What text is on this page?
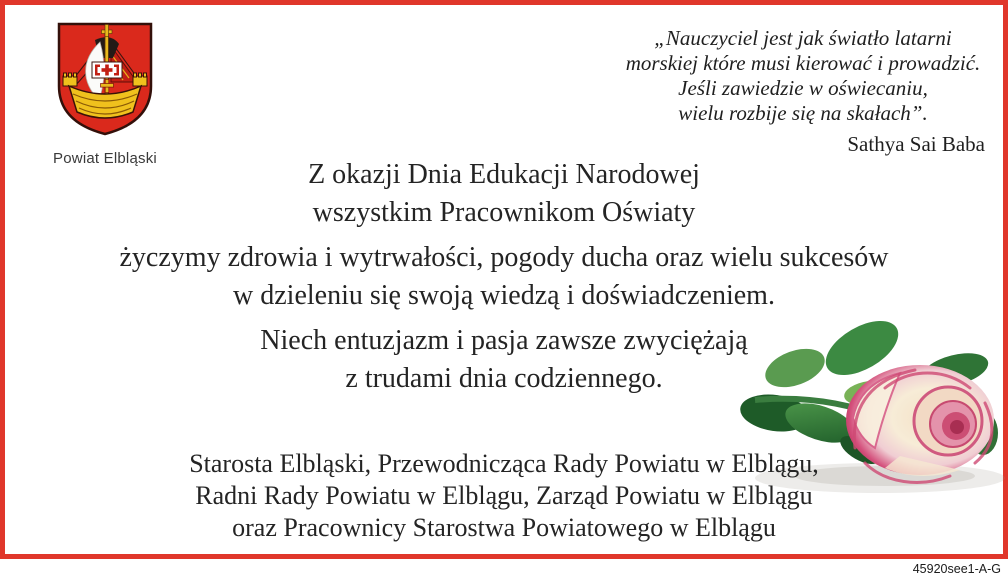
Powiat Elbląski
„Nauczyciel jest jak światło latarni
morskiej które musi kierować i prowadzić.
Jeśli zawiedzie w oświecaniu,
wielu rozbije się na skałach”.
Sathya Sai Baba
Z okazji Dnia Edukacji Narodowej
wszystkim Pracownikom Oświaty
życzymy zdrowia i wytrwałości, pogody ducha oraz wielu sukcesów
w dzieleniu się swoją wiedzą i doświadczeniem.
Niech entuzjazm i pasja zawsze zwyciężają
z trudami dnia codziennego.
Starosta Elbląski, Przewodnicząca Rady Powiatu w Elblągu,
Radni Rady Powiatu w Elblągu, Zarząd Powiatu w Elblągu
oraz Pracownicy Starostwa Powiatowego w Elblągu
45920see1-A-G
